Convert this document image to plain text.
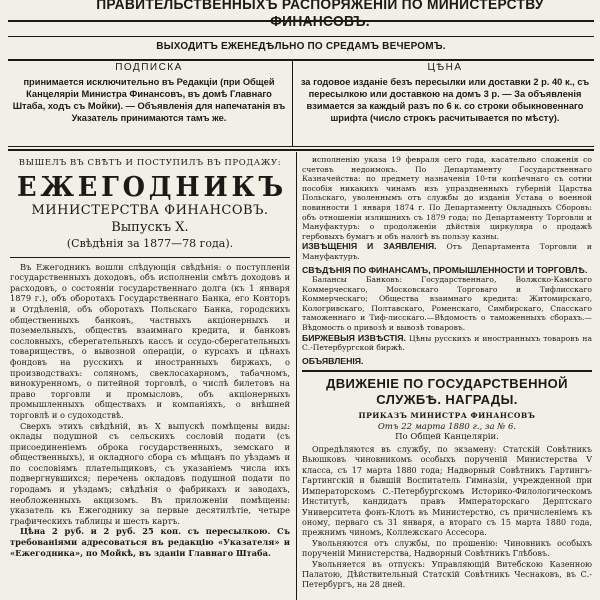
ПРАВИТЕЛЬСТВЕННЫХЪ РАСПОРЯЖЕНІИ ПО МИНИСТЕРСТВУ
ВЫХОДИТЪ ЕЖЕНЕДѢЛЬНО ПО СРЕДАМЪ ВЕЧЕРОМЪ.
ПОДПИСКА
принимается исключительно въ Редакціи (при Общей Канцеляріи Министра Финансовъ, въ домѣ Главнаго Штаба, ходъ съ Мойки). — Объявленія для напечатанія въ Указатель принимаются тамъ же.
ЦѢНА
за годовое изданіе безъ пересылки или доставки 2 р. 40 к., съ пересылкою или доставкою на домъ 3 р. — За объявленія взимается за каждый разъ по 6 к. со строки обыкновеннаго шрифта (число строкъ расчитывается по мѣсту).
ВЫШЕЛЪ ВЪ СВѢТЪ И ПОСТУПИЛЪ ВЪ ПРОДАЖУ:
ЕЖЕГОДНИКЪ
МИНИСТЕРСТВА ФИНАНСОВЪ.
Выпускъ X.
(Свѣдѣнія за 1877—78 года).

Въ Ежегодникъ вошли слѣдующія свѣдѣнія: о поступленіи государственныхъ доходовъ, объ исполненіи смѣтъ доходовъ и расходовъ, о состояніи государственнаго долга (къ 1 января 1879 г.), объ оборотахъ Государственнаго Банка, его Конторъ и Отдѣленій, объ оборотахъ Польскаго Банка, городскихъ общественныхъ банковъ, частныхъ акціонерныхъ и поземельныхъ, обществъ взаимнаго кредита, и банковъ сословныхъ, сберегательныхъ кассъ и ссудо-сберегательныхъ товариществъ, о вывозной операціи, о курсахъ и цѣнахъ фондовъ на русскихъ и иностранныхъ биржахъ, о производствахъ: соляномъ, свеклосахарномъ, табачномъ, винокуренномъ, о питейной торговлѣ, о числѣ билетовъ на право торговли и промысловъ, объ акціонерныхъ промышленныхъ обществахъ и компаніяхъ, о внѣшней торговлѣ и о судоходствѣ.

Сверхъ этихъ свѣдѣній, въ X выпускѣ помѣщены виды: оклады подушной съ сельскихъ сословій подати (съ присоединеніемъ оброка государственныхъ, земскаго и общественныхъ), и окладного сбора съ мѣщанъ по уѣздамъ и по сословіямъ плательщиковъ, съ указаніемъ числа ихъ подвергнувшихся; перечень окладовъ подушной подати по городамъ и уѣздамъ; свѣдѣнія о фабрикахъ и заводахъ, необложенныхъ акцизомъ. Въ приложеніи помѣщены: указатель къ Ежегоднику за первые десятилѣтіе, четыре графическихъ таблицы и шесть картъ.

Цѣна 2 руб. и 2 руб. 25 коп. съ пересылкою. Съ требованіями адресоваться въ редакцію «Указателя» и «Ежегодника», по Мойкѣ, въ зданіи Главнаго Штаба.

исполненію указа 19 февраля сего года, касательно сложенія со счетовъ недоимокъ. По Департаменту Государственнаго Казначейства: по предмету назначенія 10-ти копѣечнаго съ сотни пособія никакихъ чинамъ изъ упраздненныхъ губерній Царства Польскаго, уволеннымъ отъ службы до изданія Устава о военной повинности 1 января 1874 г. По Департаменту Окладныхъ Сборовъ: объ отношеніи излишнихъ съ 1879 года; по Департаменту Торговли и Мануфактуръ: о продолженіи дѣйствія циркуляра о продажѣ гербовыхъ бумагъ и объ налогѣ въ пользу казны.

ИЗВѢЩЕНІЯ И ЗАЯВЛЕНІЯ. Отъ Департамента Торговли и Мануфактуръ.
СВѢДѢНІЯ ПО ФИНАНСАМЪ, ПРОМЫШЛЕННОСТИ И ТОРГОВЛѢ.

Балансы Банковъ: Государственнаго, Волжско-Камскаго Коммерческаго, Московскаго Торговаго и Тифлисскаго Коммерческаго; Общества взаимнаго кредита: Житомирскаго, Кологривскаго, Полтавскаго, Роменскаго, Симбирскаго, Спасскаго таможеннаго и Тиф-лисскаго.—Вѣдомость о таможенныхъ сборахъ.—Вѣдомость о привозѣ и вывозѣ товаровъ.

БИРЖЕВЫЯ ИЗВѢСТІЯ. Цѣны русскихъ и иностранныхъ товаровъ на С.-Петербургской биржѣ.
ОБЪЯВЛЕНІЯ.
ДВИЖЕНІЕ ПО ГОСУДАРСТВЕННОЙ СЛУЖБѢ. НАГРАДЫ.
ПРИКАЗЪ МИНИСТРА ФИНАНСОВЪ
Отъ 22 марта 1880 г., за № 6.
По Общей Канцеляріи.

Опредѣляются въ службу, по экзамену: Статскій Совѣтникъ Вьюшковъ чиновникомъ особыхъ порученій Министерства V класса, съ 17 марта 1880 года; Надворный Совѣтникъ Гартингъ-Гартингскій и бывшій Воспитатель Гимназіи, учрежденной при Императорскомъ С.-Петербургскомъ Историко-Филологическомъ Институтѣ, кандидатъ правъ Императорскаго Дерптскаго Университета фонъ-Клотъ въ Министерство, съ причисленіемъ къ оному, перваго съ 31 января, а втораго съ 15 марта 1880 года, прежнимъ чиномъ, Коллежскаго Ассесора.

Увольняются отъ службы, по прошенію: Чиновникъ особыхъ порученій Министерства, Надворный Совѣтникъ Глѣбовъ.

Увольняется въ отпускъ: Управляющій Витебскою Казенною Палатою, Дѣйствительный Статскій Совѣтникъ Чеснаковъ, въ С.-Петербургъ, на 28 дней.
